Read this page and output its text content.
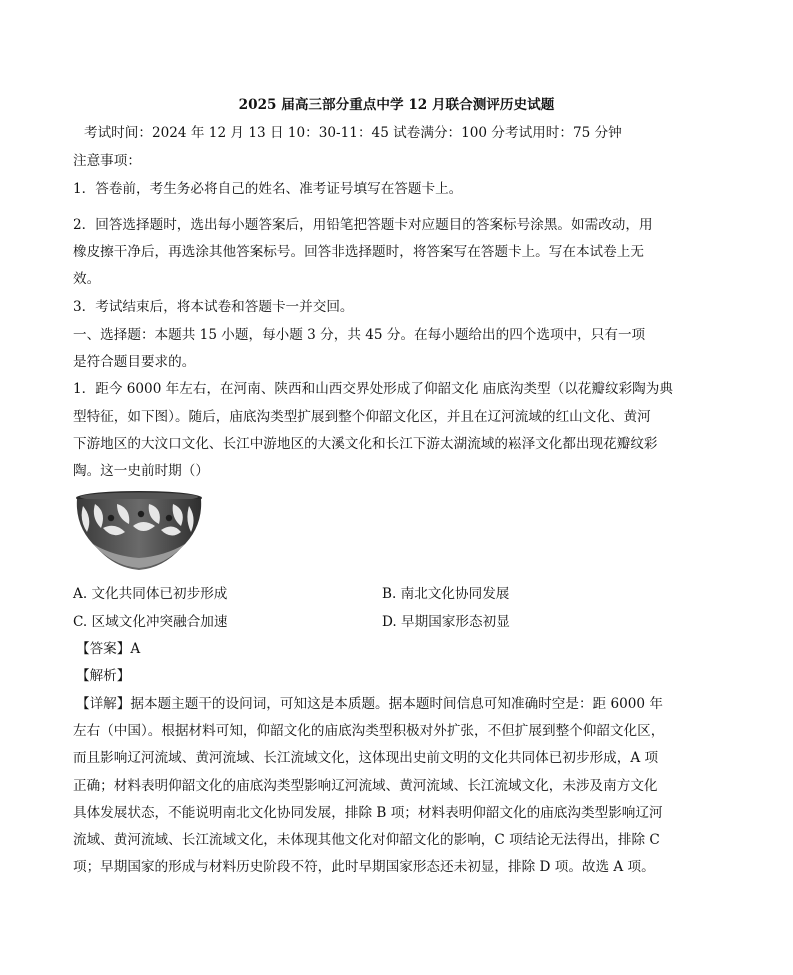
2025 届高三部分重点中学 12 月联合测评历史试题
考试时间：2024 年 12 月 13 日 10：30-11：45 试卷满分：100 分考试用时：75 分钟
注意事项：
1．答卷前，考生务必将自己的姓名、准考证号填写在答题卡上。
2．回答选择题时，选出每小题答案后，用铅笔把答题卡对应题目的答案标号涂黑。如需改动，用
橡皮擦干净后，再选涂其他答案标号。回答非选择题时，将答案写在答题卡上。写在本试卷上无
效。
3．考试结束后，将本试卷和答题卡一并交回。
一、选择题：本题共 15 小题，每小题 3 分，共 45 分。在每小题给出的四个选项中，只有一项
是符合题目要求的。
1．距今 6000 年左右，在河南、陕西和山西交界处形成了仰韶文化 庙底沟类型（以花瓣纹彩陶为典
型特征，如下图）。随后，庙底沟类型扩展到整个仰韶文化区，并且在辽河流域的红山文化、黄河
下游地区的大汶口文化、长江中游地区的大溪文化和长江下游太湖流域的崧泽文化都出现花瓣纹彩
陶。这一史前时期（）
A. 文化共同体已初步形成	B. 南北文化协同发展
C. 区域文化冲突融合加速	D. 早期国家形态初显
【答案】A
【解析】
【详解】据本题主题干的设问词，可知这是本质题。据本题时间信息可知准确时空是：距 6000 年
左右（中国）。根据材料可知，仰韶文化的庙底沟类型积极对外扩张，不但扩展到整个仰韶文化区，
而且影响辽河流域、黄河流域、长江流域文化，这体现出史前文明的文化共同体已初步形成，A 项
正确；材料表明仰韶文化的庙底沟类型影响辽河流域、黄河流域、长江流域文化，未涉及南方文化
具体发展状态，不能说明南北文化协同发展，排除 B 项；材料表明仰韶文化的庙底沟类型影响辽河
流域、黄河流域、长江流域文化，未体现其他文化对仰韶文化的影响，C 项结论无法得出，排除 C
项；早期国家的形成与材料历史阶段不符，此时早期国家形态还未初显，排除 D 项。故选 A 项。
